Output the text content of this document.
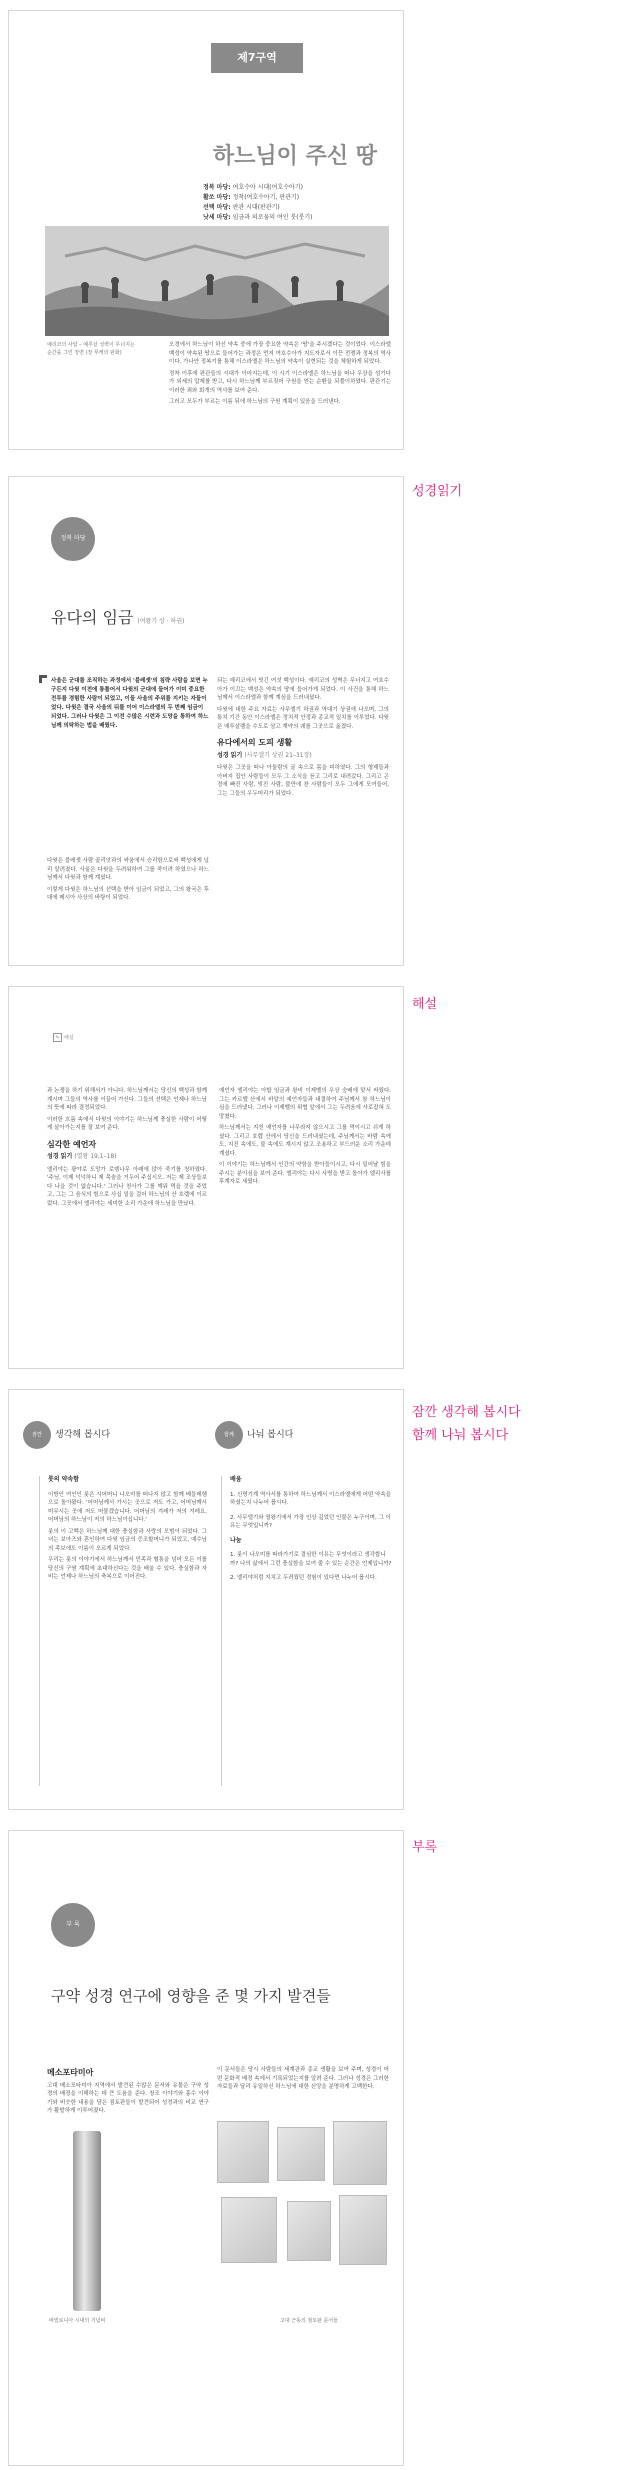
성경읽기
해설
잠깐 생각해 봅시다
함께 나눠 봅시다
부록
제7구역
하느님이 주신 땅
정복 마당: 여호수아 시대(여호수아기)
활쏘 마당: 정착(여호수아기, 판관기)
선택 마당: 판관 시대(판관기)
낫세 마당: 임금과 의로움의 여인 룻(룻기)
예리코의 사람 – 예루살 성벽이 무너지는 순간을 그린 장면 (장 푸케의 판화)

오경에서 하느님이 하신 약속 중에 가장 중요한 약속은 '땅'을 주시겠다는 것이었다. 이스라엘 백성이 약속된 땅으로 들어가는 과정은 먼저 여호수아가 지도자로서 이끈 전쟁과 정복의 역사이다. 가나안 정복기를 통해 이스라엘은 하느님의 약속이 실현되는 것을 체험하게 되었다.

정착 이후에 판관들의 시대가 이어지는데, 이 시기 이스라엘은 하느님을 떠나 우상을 섬기다가 외세의 압제를 받고, 다시 하느님께 부르짖어 구원을 얻는 순환을 되풀이하였다. 판관기는 이러한 죄와 회개의 역사를 보여 준다.

그러고 모두가 부르는 이름 뒤에 하느님의 구원 계획이 있음을 드러낸다.

정복 마당
유다의 임금 (여왕기 상 · 하권)
사울은 군대를 조직하는 과정에서 '블레셋'의 침략 사람을 보면 누구든지 다윗 이전에 통틀어서 다윗의 군대에 들어가 이미 중요한 전투를 경험한 사람이 되었고, 이들 사울의 주위를 지키는 자들이었다. 다윗은 결국 사울의 뒤를 이어 이스라엘의 두 번째 임금이 되었다. 그러나 다윗은 그 이전 수많은 시련과 도망을 통하여 하느님께 의탁하는 법을 배웠다.

다윗은 블레셋 사람 골리앗과의 싸움에서 승리함으로써 백성에게 널리 알려졌다. 사울은 다윗을 두려워하여 그를 죽이려 하였으나 하느님께서 다윗과 함께 계셨다.

이렇게 다윗은 하느님의 선택을 받아 임금이 되었고, 그의 왕국은 후대에 메시아 사상의 바탕이 되었다.

되는 예리코에서 빗긴 여섯 백성이다. 예리코의 성벽은 무너지고 여호수아가 이끄는 백성은 약속의 땅에 들어가게 되었다. 이 사건을 통해 하느님께서 이스라엘과 함께 계심을 드러내셨다.

다윗에 대한 주요 자료는 사무엘기 하권과 역대기 상권에 나오며, 그의 통치 기간 동안 이스라엘은 정치적 안정과 종교적 일치를 이루었다. 다윗은 예루살렘을 수도로 삼고 계약의 궤를 그곳으로 옮겼다.

유다에서의 도피 생활
성경 읽기 (사무엘기 상권 21–31장)

다윗은 그곳을 떠나 아둘람의 굴 속으로 몸을 피하였다. 그의 형제들과 아버지 집안 사람들이 모두 그 소식을 듣고 그리로 내려갔다. 그리고 곤경에 빠진 사람, 빚진 사람, 불만에 찬 사람들이 모두 그에게 모여들어, 그는 그들의 우두머리가 되었다.

✎ 해설

과 논쟁을 하기 위해서가 아니다. 하느님께서는 당신의 백성과 함께 계시며 그들의 역사를 이끌어 가신다. 그들의 선택은 언제나 하느님의 뜻에 따라 결정되었다.

이러한 흐름 속에서 다윗의 이야기는 하느님께 충실한 사람이 어떻게 살아가는지를 잘 보여 준다.

심각한 예언자
성경 읽기 (열왕 19,1–18)

엘리야는 광야로 도망가 로뎀나무 아래에 앉아 죽기를 청하였다. '주님, 이제 넉넉하니 제 목숨을 거두어 주십시오. 저는 제 조상들보다 나을 것이 없습니다.' 그러나 천사가 그를 깨워 먹을 것을 주었고, 그는 그 음식의 힘으로 사십 일을 걸어 하느님의 산 호렙에 이르렀다. 그곳에서 엘리야는 세미한 소리 가운데 하느님을 만났다.

예언자 엘리야는 아합 임금과 왕비 이제벨의 우상 숭배에 맞서 싸웠다. 그는 카르멜 산에서 바알의 예언자들과 대결하여 주님께서 참 하느님이심을 드러냈다. 그러나 이제벨의 위협 앞에서 그는 두려움에 사로잡혀 도망쳤다.

하느님께서는 지친 예언자를 나무라지 않으시고 그를 먹이시고 쉬게 하셨다. 그리고 호렙 산에서 당신을 드러내셨는데, 주님께서는 바람 속에도, 지진 속에도, 불 속에도 계시지 않고 조용하고 부드러운 소리 가운데 계셨다.

이 이야기는 하느님께서 인간의 약함을 받아들이시고, 다시 일어날 힘을 주시는 분이심을 보여 준다. 엘리야는 다시 사명을 받고 돌아가 엘리사를 후계자로 세웠다.

잠깐 생각해 봅시다	함께 나눠 봅시다
룻의 약속함

이방인 여인인 룻은 시어머니 나오미를 떠나지 않고 함께 베들레헴으로 돌아왔다. '어머님께서 가시는 곳으로 저도 가고, 어머님께서 머무시는 곳에 저도 머물겠습니다. 어머님의 겨레가 저의 겨레요, 어머님의 하느님이 저의 하느님이십니다.'

룻의 이 고백은 하느님께 대한 충실함과 사랑의 모범이 되었다. 그녀는 보아즈와 혼인하여 다윗 임금의 증조할머니가 되었고, 예수님의 족보에도 이름이 오르게 되었다.

우리는 룻의 이야기에서 하느님께서 민족과 혈통을 넘어 모든 이를 당신의 구원 계획에 초대하신다는 것을 배울 수 있다. 충실함과 자비는 언제나 하느님의 축복으로 이어진다.

배움

1. 신명기계 역사서를 통하여 하느님께서 이스라엘에게 어떤 약속을 하셨는지 나누어 봅시다.

2. 사무엘기와 열왕기에서 가장 인상 깊었던 인물은 누구이며, 그 이유는 무엇입니까?

나눔

1. 룻이 나오미를 따라가기로 결심한 이유는 무엇이라고 생각합니까? 나의 삶에서 그런 충실함을 보여 줄 수 있는 순간은 언제입니까?

2. 엘리야처럼 지치고 두려웠던 경험이 있다면 나누어 봅시다.

부 록
구약 성경 연구에 영향을 준 몇 가지 발견들
메소포타미아

고대 메소포타미아 지역에서 발견된 수많은 문서와 유물은 구약 성경의 배경을 이해하는 데 큰 도움을 준다. 창조 이야기와 홍수 이야기와 비슷한 내용을 담은 점토판들이 발견되어 성경과의 비교 연구가 활발하게 이루어졌다.

이 문서들은 당시 사람들의 세계관과 종교 생활을 보여 주며, 성경이 어떤 문화적 배경 속에서 기록되었는지를 알려 준다. 그러나 성경은 그러한 자료들과 달리 유일하신 하느님에 대한 신앙을 분명하게 고백한다.

바빌로니아 시대의 기념비	고대 근동의 점토판 문서들
